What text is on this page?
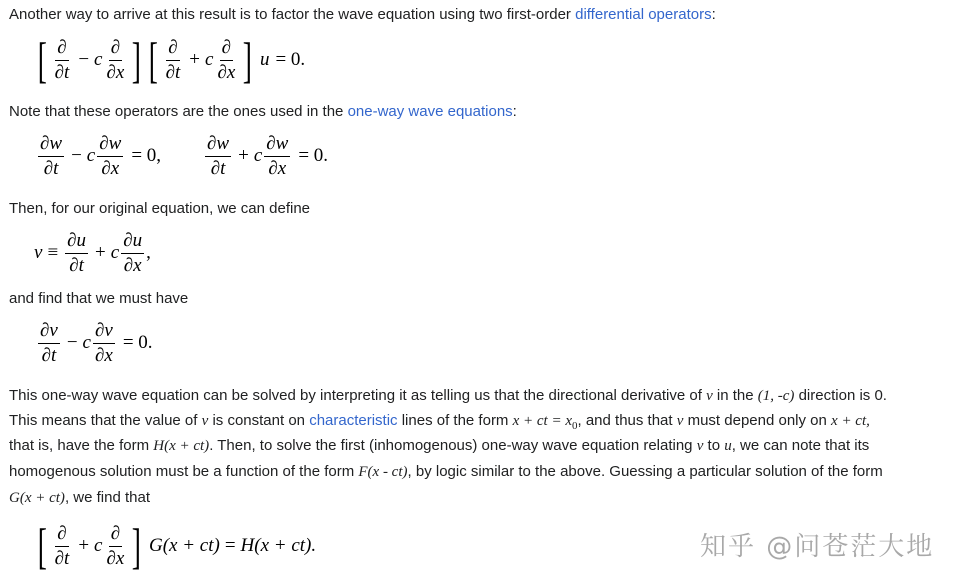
Another way to arrive at this result is to factor the wave equation using two first-order differential operators:
[ $\frac{\partial}{\partial t} - c \frac{\partial}{\partial x}$ ] [ $\frac{\partial}{\partial t} + c \frac{\partial}{\partial x}$ ] u = 0.
Note that these operators are the ones used in the one-way wave equations:
$\frac{\partial w}{\partial t} - c \frac{\partial w}{\partial x} = 0$, $\frac{\partial w}{\partial t} + c \frac{\partial w}{\partial x} = 0$.
Then, for our original equation, we can define
$v \equiv \frac{\partial u}{\partial t} + c \frac{\partial u}{\partial x}$ ,
and find that we must have
$\frac{\partial v}{\partial t} - c \frac{\partial v}{\partial x} = 0$.
This one-way wave equation can be solved by interpreting it as telling us that the directional derivative of v in the (1, -c) direction is 0.
This means that the value of v is constant on characteristic lines of the form x + ct = $x_0$, and thus that v must depend only on x + ct,
that is, have the form H(x + ct). Then, to solve the first (inhomogenous) one-way wave equation relating v to u, we can note that its
homogenous solution must be a function of the form F(x - ct), by logic similar to the above. Guessing a particular solution of the form
G(x + ct), we find that
[ $\frac{\partial}{\partial t} + c \frac{\partial}{\partial x}$ ] G(x + ct) = H(x + ct).	知乎 @问苍茫大地
